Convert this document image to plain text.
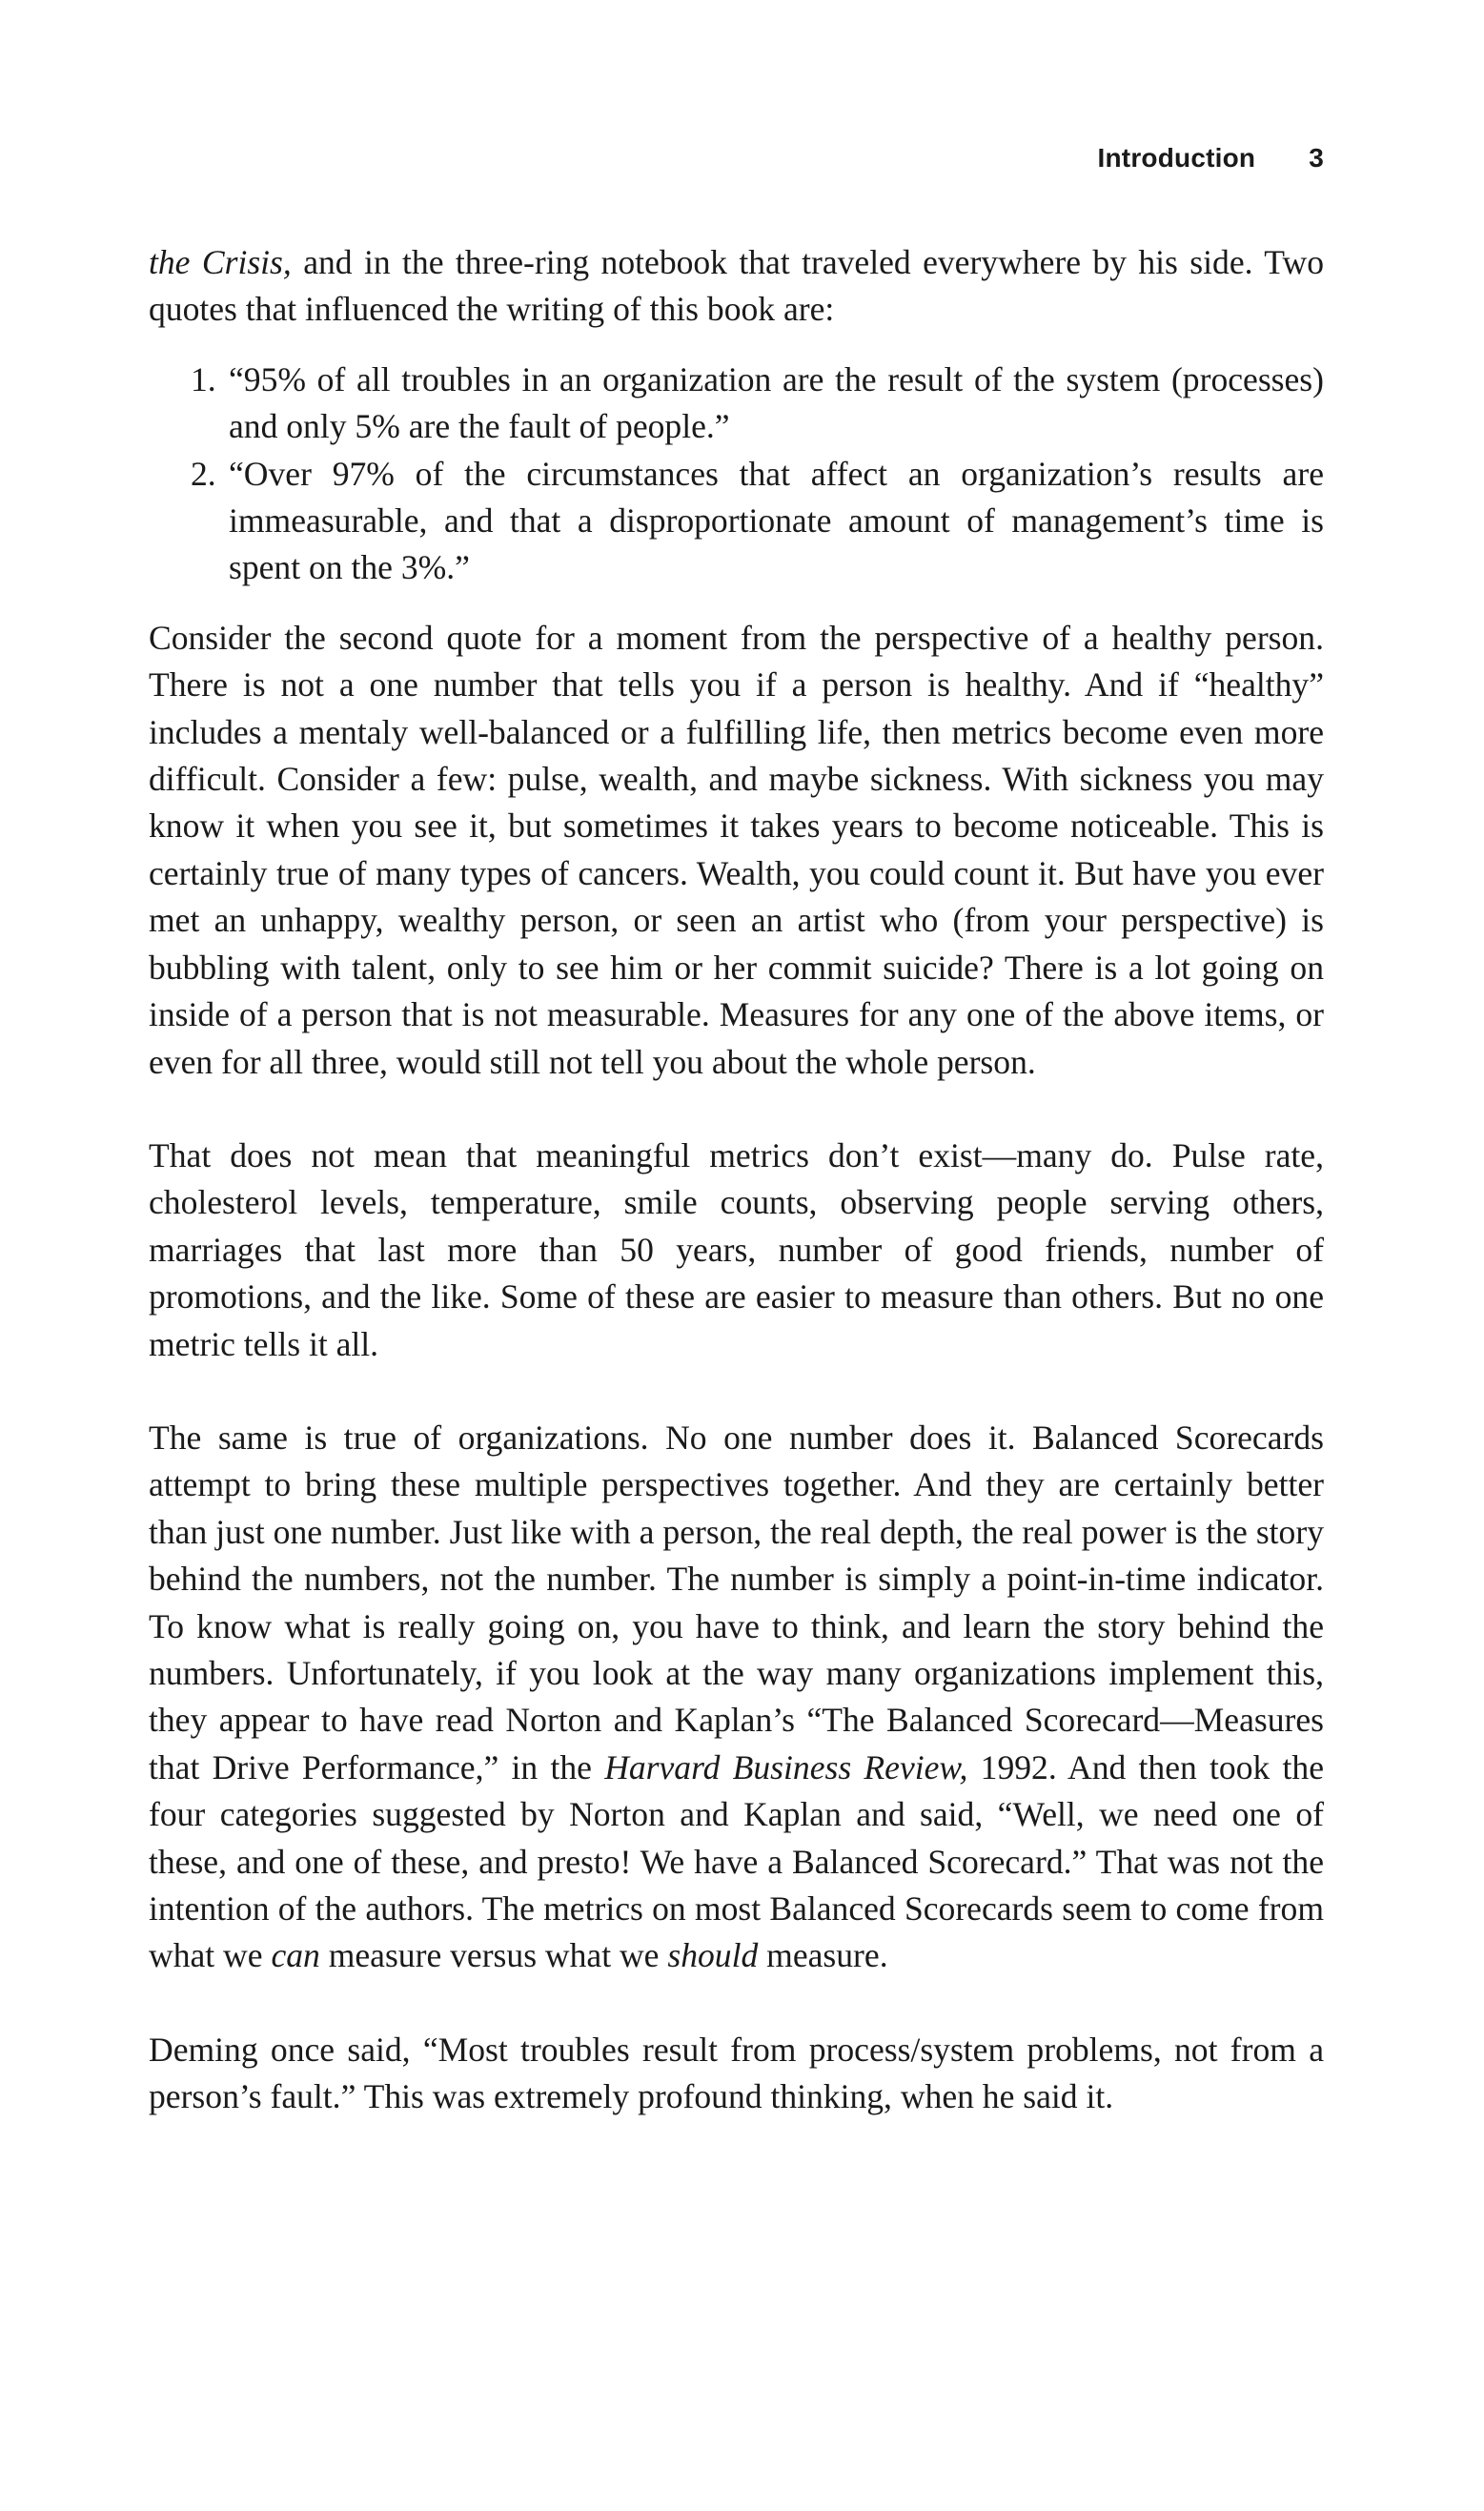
Introduction 3

the Crisis, and in the three-ring notebook that traveled everywhere by his side. Two quotes that influenced the writing of this book are:

1. “95% of all troubles in an organization are the result of the system (processes) and only 5% are the fault of people.”
2. “Over 97% of the circumstances that affect an organization’s results are immeasurable, and that a disproportionate amount of management’s time is spent on the 3%.”

Consider the second quote for a moment from the perspective of a healthy person. There is not a one number that tells you if a person is healthy. And if “healthy” includes a mentaly well-balanced or a fulfilling life, then metrics become even more difficult. Consider a few: pulse, wealth, and maybe sickness. With sickness you may know it when you see it, but sometimes it takes years to become noticeable. This is certainly true of many types of cancers. Wealth, you could count it. But have you ever met an unhappy, wealthy person, or seen an artist who (from your perspective) is bubbling with talent, only to see him or her commit suicide? There is a lot going on inside of a person that is not measurable. Measures for any one of the above items, or even for all three, would still not tell you about the whole person.

That does not mean that meaningful metrics don’t exist—many do. Pulse rate, cholesterol levels, temperature, smile counts, observing people serving others, marriages that last more than 50 years, number of good friends, number of promotions, and the like. Some of these are easier to measure than others. But no one metric tells it all.

The same is true of organizations. No one number does it. Balanced Scorecards attempt to bring these multiple perspectives together. And they are certainly better than just one number. Just like with a person, the real depth, the real power is the story behind the numbers, not the number. The number is simply a point-in-time indicator. To know what is really going on, you have to think, and learn the story behind the numbers. Unfortunately, if you look at the way many organizations implement this, they appear to have read Norton and Kaplan’s “The Balanced Scorecard—Measures that Drive Performance,” in the Harvard Business Review, 1992. And then took the four categories suggested by Norton and Kaplan and said, “Well, we need one of these, and one of these, and presto! We have a Balanced Scorecard.” That was not the intention of the authors. The metrics on most Balanced Scorecards seem to come from what we can measure versus what we should measure.

Deming once said, “Most troubles result from process/system problems, not from a person’s fault.” This was extremely profound thinking, when he said it.
